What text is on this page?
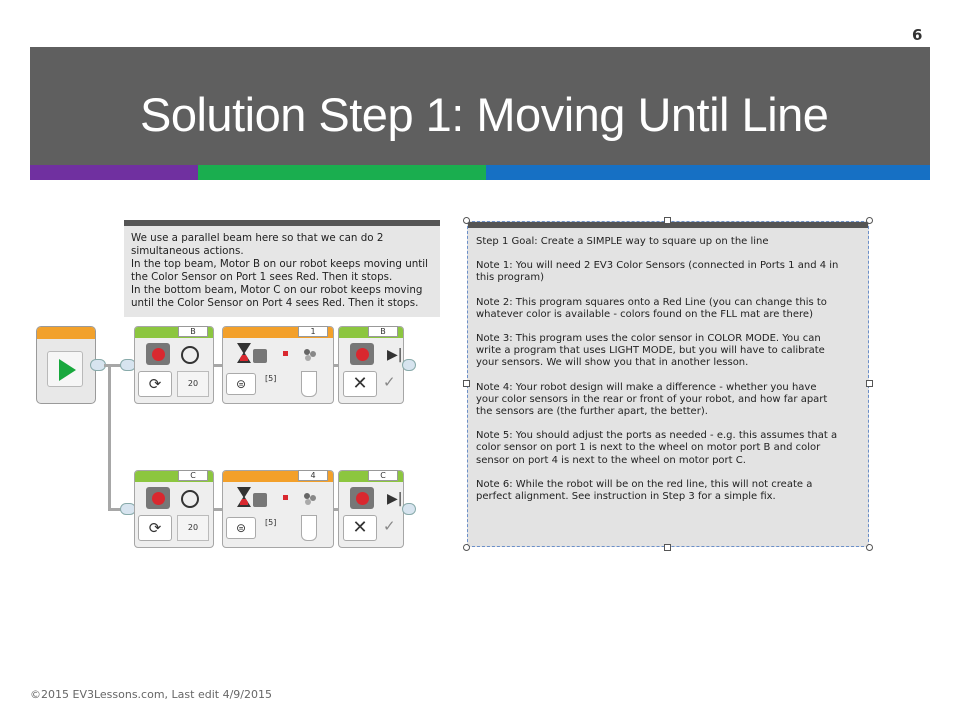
6
Solution Step 1: Moving Until Line

We use a parallel beam here so that we can do 2

simultaneous actions.

In the top beam, Motor B on our robot keeps moving until

the Color Sensor on Port 1 sees Red. Then it stops.

In the bottom beam, Motor C on our robot keeps moving

until the Color Sensor on Port 4 sees Red. Then it stops.

B
⟳	20
1
⊜	[5]
B
▶|
✕	✓
C
⟳	20
4
⊜	[5]
C
▶|
✕	✓

Step 1 Goal: Create a SIMPLE way to square up on the line

Note 1: You will need 2 EV3 Color Sensors (connected in Ports 1 and 4 in

this program)

Note 2: This program squares onto a Red Line (you can change this to

whatever color is available - colors found on the FLL mat are there)

Note 3: This program uses the color sensor in COLOR MODE. You can

write a program that uses LIGHT MODE, but you will have to calibrate

your sensors. We will show you that in another lesson.

Note 4: Your robot design will make a difference - whether you have

your color sensors in the rear or front of your robot, and how far apart

the sensors are (the further apart, the better).

Note 5: You should adjust the ports as needed - e.g. this assumes that a

color sensor on port 1 is next to the wheel on motor port B and color

sensor on port 4 is next to the wheel on motor port C.

Note 6: While the robot will be on the red line, this will not create a

perfect alignment. See instruction in Step 3 for a simple fix.

©2015 EV3Lessons.com, Last edit 4/9/2015
